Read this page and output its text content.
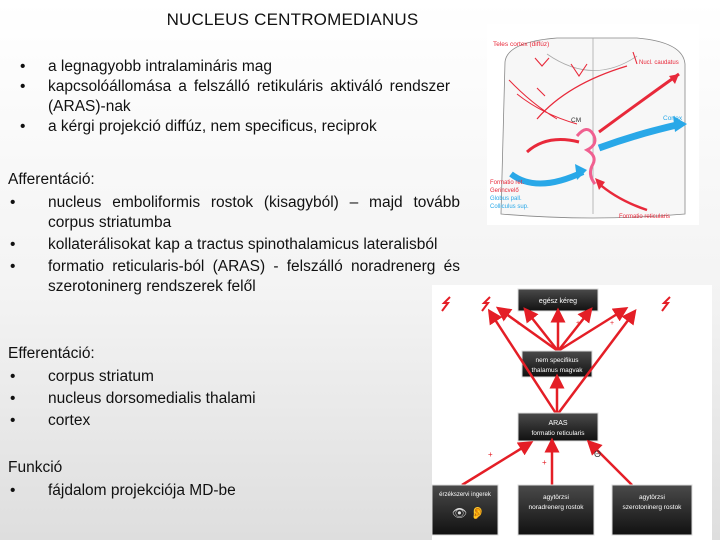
NUCLEUS CENTROMEDIANUS
• a legnagyobb intralamináris mag
• kapcsolóállomása a felszálló retikuláris aktiváló rendszer (ARAS)-nak
• a kérgi projekció diffúz, nem specificus, reciprok
Afferentáció:
• nucleus emboliformis rostok (kisagyból) – majd tovább corpus striatumba
• kollaterálisokat kap a tractus spinothalamicus lateralisból
• formatio reticularis-ból (ARAS) - felszálló noradrenerg és szerotoninerg rendszerek felől
Efferentáció:
• corpus striatum
• nucleus dorsomedialis thalami
• cortex
Funkció
• fájdalom projekciója MD-be
Teles cortex (diffúz)
Nucl. caudatus
Cortex
CM
Formatio ret.
Gerincvelő
Globus pall.
Colliculus sup.
Formatio reticularis
egész kéreg
+	+	+
nem specifikus
thalamus magvak
ARAS
formatio reticularis
+
+
Θ
érzékszervi ingerek
👁 👂
agytörzsi
noradrenerg rostok
agytörzsi
szerotoninerg rostok
